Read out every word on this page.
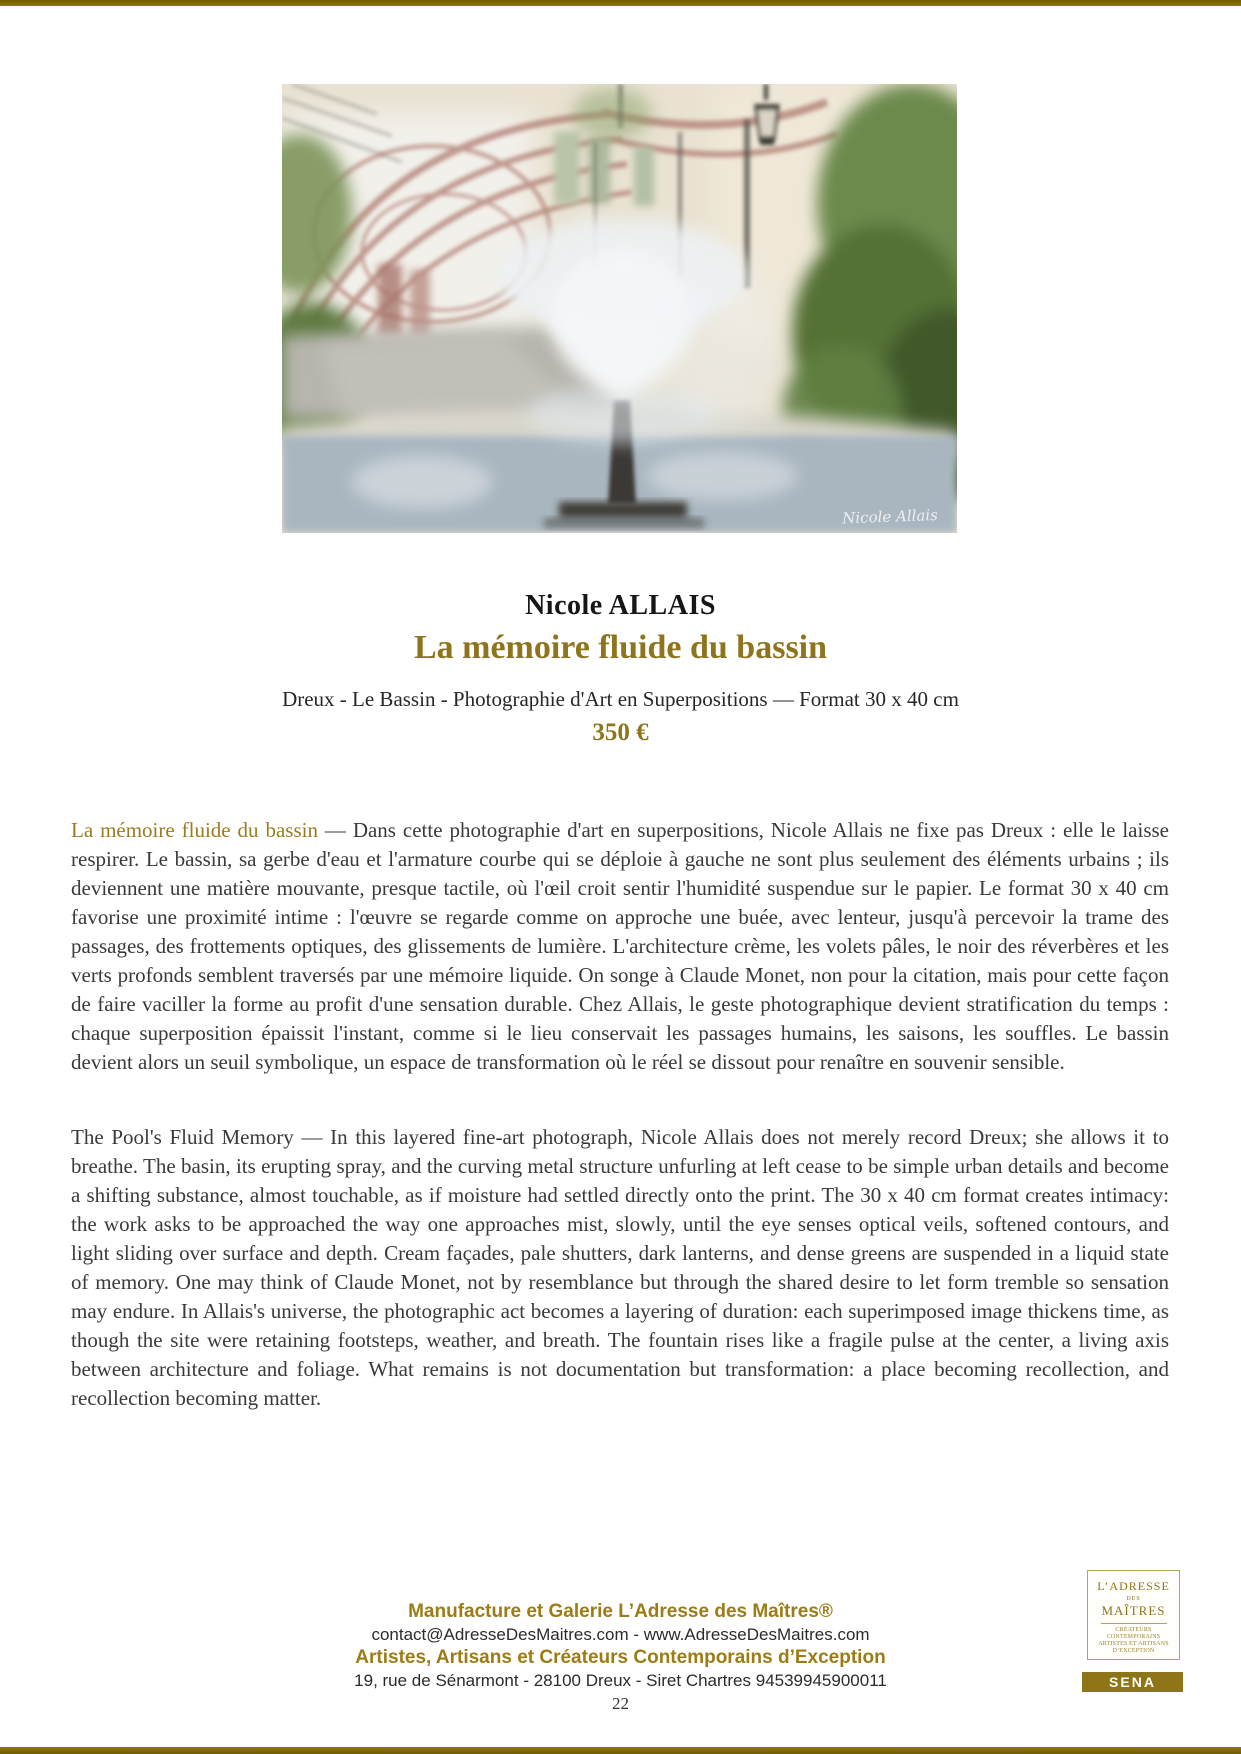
Nicole Allais
Nicole ALLAIS
La mémoire fluide du bassin
Dreux - Le Bassin - Photographie d'Art en Superpositions — Format 30 x 40 cm
350 €

La mémoire fluide du bassin — Dans cette photographie d'art en superpositions, Nicole Allais ne fixe pas Dreux : elle le laisse respirer. Le bassin, sa gerbe d'eau et l'armature courbe qui se déploie à gauche ne sont plus seulement des éléments urbains ; ils deviennent une matière mouvante, presque tactile, où l'œil croit sentir l'humidité suspendue sur le papier. Le format 30 x 40 cm favorise une proximité intime : l'œuvre se regarde comme on approche une buée, avec lenteur, jusqu'à percevoir la trame des passages, des frottements optiques, des glissements de lumière. L'architecture crème, les volets pâles, le noir des réverbères et les verts profonds semblent traversés par une mémoire liquide. On songe à Claude Monet, non pour la citation, mais pour cette façon de faire vaciller la forme au profit d'une sensation durable. Chez Allais, le geste photographique devient stratification du temps : chaque superposition épaissit l'instant, comme si le lieu conservait les passages humains, les saisons, les souffles. Le bassin devient alors un seuil symbolique, un espace de transformation où le réel se dissout pour renaître en souvenir sensible.

The Pool's Fluid Memory — In this layered fine-art photograph, Nicole Allais does not merely record Dreux; she allows it to breathe. The basin, its erupting spray, and the curving metal structure unfurling at left cease to be simple urban details and become a shifting substance, almost touchable, as if moisture had settled directly onto the print. The 30 x 40 cm format creates intimacy: the work asks to be approached the way one approaches mist, slowly, until the eye senses optical veils, softened contours, and light sliding over surface and depth. Cream façades, pale shutters, dark lanterns, and dense greens are suspended in a liquid state of memory. One may think of Claude Monet, not by resemblance but through the shared desire to let form tremble so sensation may endure. In Allais's universe, the photographic act becomes a layering of duration: each superimposed image thickens time, as though the site were retaining footsteps, weather, and breath. The fountain rises like a fragile pulse at the center, a living axis between architecture and foliage. What remains is not documentation but transformation: a place becoming recollection, and recollection becoming matter.

Manufacture et Galerie L’Adresse des Maîtres®
contact@AdresseDesMaitres.com - www.AdresseDesMaitres.com
Artistes, Artisans et Créateurs Contemporains d’Exception
19, rue de Sénarmont - 28100 Dreux - Siret Chartres 94539945900011
22
L’ADRESSE
DES
MAÎTRES
CRÉATEURS CONTEMPORAINS
ARTISTES ET ARTISANS
D’EXCEPTION
SENA
